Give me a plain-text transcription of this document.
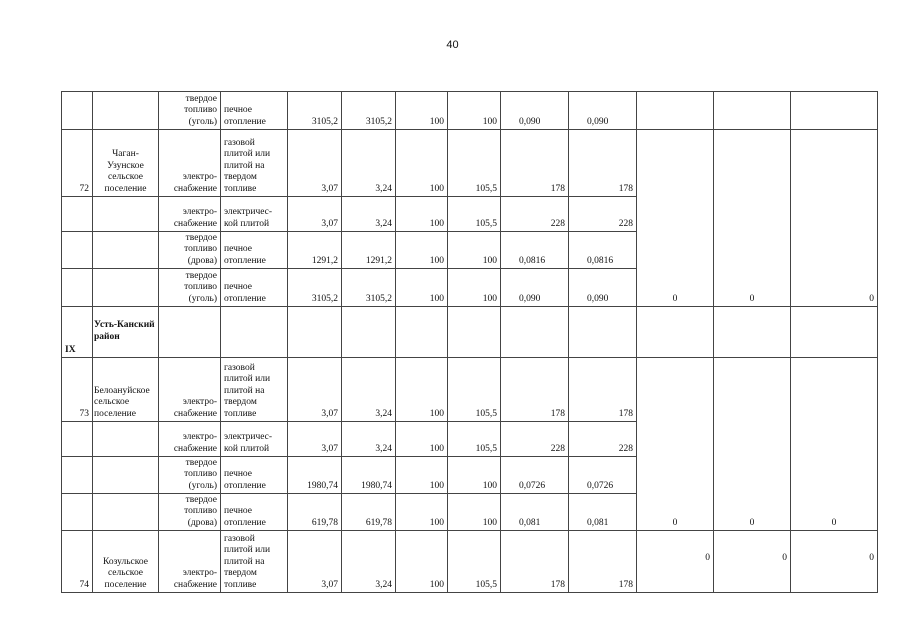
40
		твердое топливо (уголь)	печное отопление	3105,2	3105,2	100	100	0,090	0,090			
72	Чаган-Узунское сельское поселение	электро-снабжение	газовой плитой или плитой на твердом топливе	3,07	3,24	100	105,5	178	178	0	0	0
		электро-снабжение	электричес-кой плитой	3,07	3,24	100	105,5	228	228			
		твердое топливо (дрова)	печное отопление	1291,2	1291,2	100	100	0,0816	0,0816			
		твердое топливо (уголь)	печное отопление	3105,2	3105,2	100	100	0,090	0,090			
IX	Усть-Канский район											
73	Белоануйское сельское поселение	электро-снабжение	газовой плитой или плитой на твердом топливе	3,07	3,24	100	105,5	178	178	0	0	0
		электро-снабжение	электричес-кой плитой	3,07	3,24	100	105,5	228	228			
		твердое топливо (уголь)	печное отопление	1980,74	1980,74	100	100	0,0726	0,0726			
		твердое топливо (дрова)	печное отопление	619,78	619,78	100	100	0,081	0,081			
74	Козульское сельское поселение	электро-снабжение	газовой плитой или плитой на твердом топливе	3,07	3,24	100	105,5	178	178	0	0	0
